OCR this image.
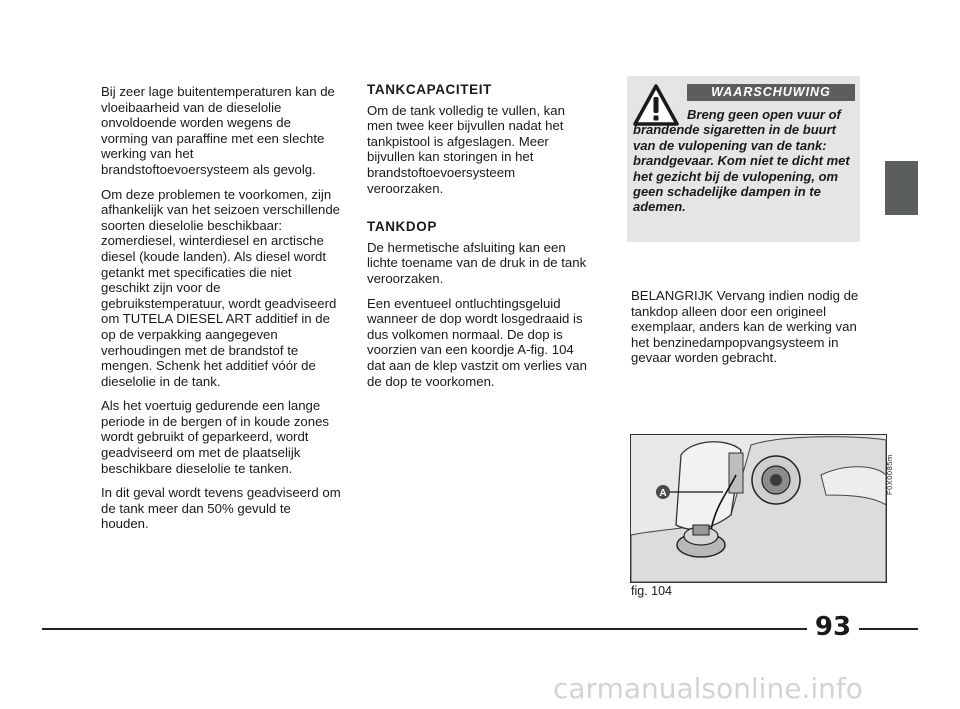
Bij zeer lage buitentemperaturen kan de vloeibaarheid van de dieselolie onvoldoende worden wegens de vorming van paraffine met een slechte werking van het brandstoftoevoersysteem als gevolg.

Om deze problemen te voorkomen, zijn afhankelijk van het seizoen verschillende soorten dieselolie beschikbaar: zomerdiesel, winterdiesel en arctische diesel (koude landen). Als diesel wordt getankt met specificaties die niet geschikt zijn voor de gebruikstemperatuur, wordt geadviseerd om TUTELA DIESEL ART additief in de op de verpakking aangegeven verhoudingen met de brandstof te mengen. Schenk het additief vóór de dieselolie in de tank.

Als het voertuig gedurende een lange periode in de bergen of in koude zones wordt gebruikt of geparkeerd, wordt geadviseerd om met de plaatselijk beschikbare dieselolie te tanken.

In dit geval wordt tevens geadviseerd om de tank meer dan 50% gevuld te houden.

TANKCAPACITEIT

Om de tank volledig te vullen, kan men twee keer bijvullen nadat het tankpistool is afgeslagen. Meer bijvullen kan storingen in het brandstoftoevoersysteem veroorzaken.

TANKDOP

De hermetische afsluiting kan een lichte toename van de druk in de tank veroorzaken.

Een eventueel ontluchtingsgeluid wanneer de dop wordt losgedraaid is dus volkomen normaal. De dop is voorzien van een koordje A-fig. 104 dat aan de klep vastzit om verlies van de dop te voorkomen.

WAARSCHUWING
Breng geen open vuur of brandende sigaretten in de buurt van de vulopening van de tank: brandgevaar. Kom niet te dicht met het gezicht bij de vulopening, om geen schadelijke dampen in te ademen.
BELANGRIJK Vervang indien nodig de tankdop alleen door een origineel exemplaar, anders kan de werking van het benzinedampopvangsysteem in gevaar worden gebracht.
A	F0X0085m
fig. 104
93
carmanualsonline.info
